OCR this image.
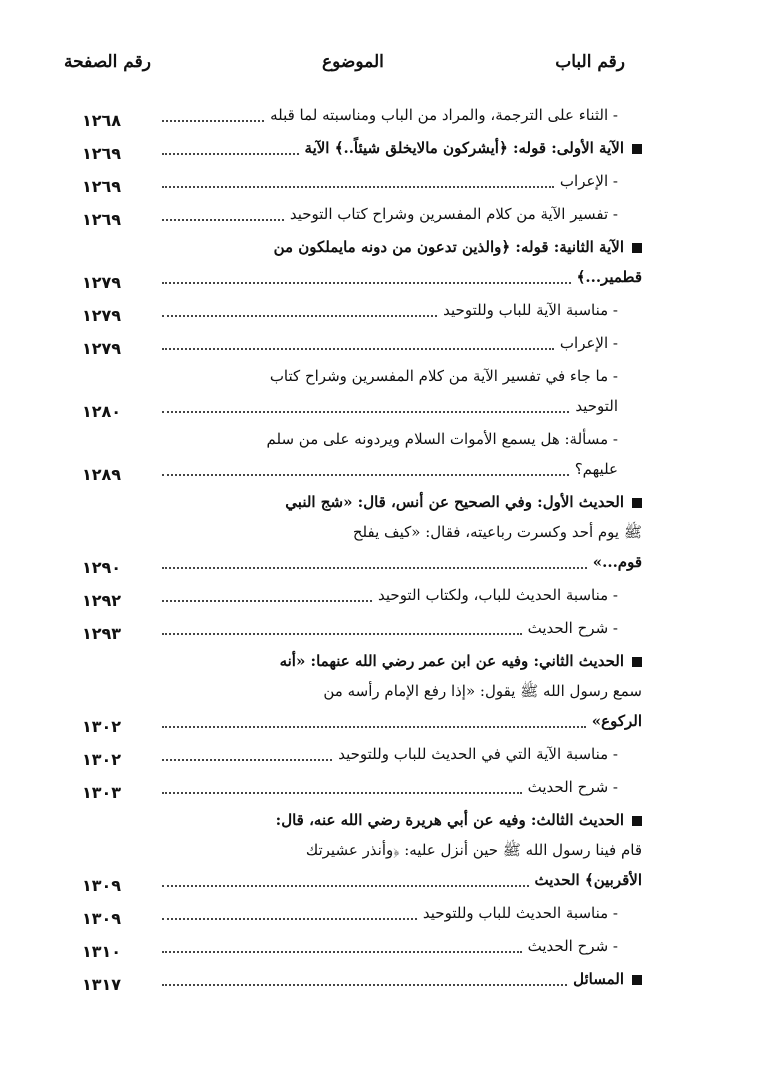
رقم الباب
الموضوع
رقم الصفحة
- الثناء على الترجمة، والمراد من الباب ومناسبته لما قبله
١٢٦٨
الآية الأولى: قوله: ﴿أيشركون مالايخلق شيئاً..﴾ الآية
١٢٦٩
- الإعراب
١٢٦٩
- تفسير الآية من كلام المفسرين وشراح كتاب التوحيد
١٢٦٩
الآية الثانية: قوله: ﴿والذين تدعون من دونه مايملكون من
قطمير...﴾
١٢٧٩
- مناسبة الآية للباب وللتوحيد
١٢٧٩
- الإعراب
١٢٧٩
- ما جاء في تفسير الآية من كلام المفسرين وشراح كتاب
التوحيد
١٢٨٠
- مسألة: هل يسمع الأموات السلام ويردونه على من سلم
عليهم؟
١٢٨٩
الحديث الأول: وفي الصحيح عن أنس، قال: «شج النبي
ﷺ يوم أحد وكسرت رباعيته، فقال: «كيف يفلح
قوم...»
١٢٩٠
- مناسبة الحديث للباب، ولكتاب التوحيد
١٢٩٢
- شرح الحديث
١٢٩٣
الحديث الثاني: وفيه عن ابن عمر رضي الله عنهما: «أنه
سمع رسول الله ﷺ يقول: «إذا رفع الإمام رأسه من
الركوع»
١٣٠٢
- مناسبة الآية التي في الحديث للباب وللتوحيد
١٣٠٢
- شرح الحديث
١٣٠٣
الحديث الثالث: وفيه عن أبي هريرة رضي الله عنه، قال:
قام فينا رسول الله ﷺ حين أنزل عليه: ﴿وأنذر عشيرتك
الأقربين﴾ الحديث
١٣٠٩
- مناسبة الحديث للباب وللتوحيد
١٣٠٩
- شرح الحديث
١٣١٠
المسائل
١٣١٧
